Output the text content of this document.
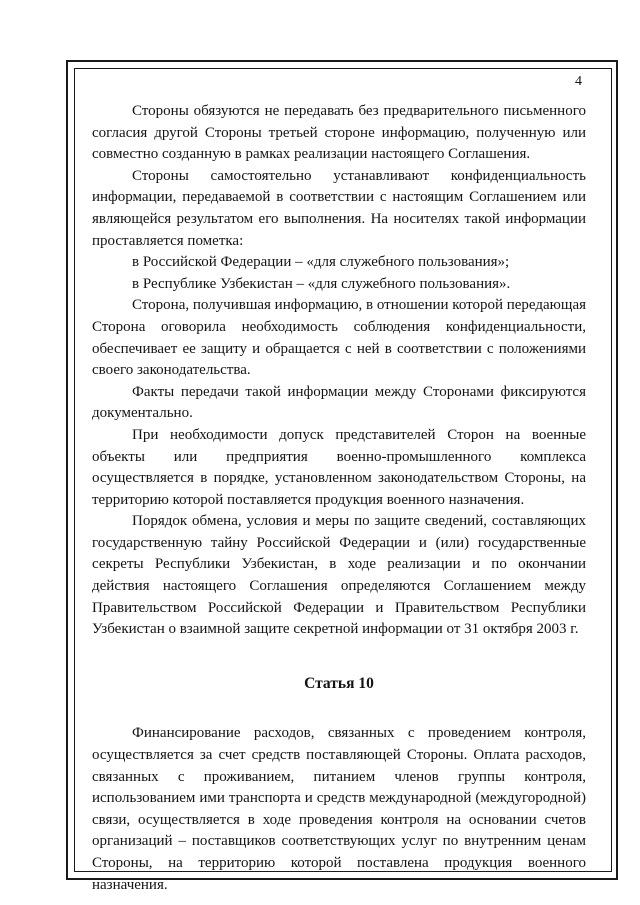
4

Стороны обязуются не передавать без предварительного письменного согласия другой Стороны третьей стороне информацию, полученную или совместно созданную в рамках реализации настоящего Соглашения.

Стороны самостоятельно устанавливают конфиденциальность информации, передаваемой в соответствии с настоящим Соглашением или являющейся результатом его выполнения. На носителях такой информации проставляется пометка:

в Российской Федерации – «для служебного пользования»;

в Республике Узбекистан – «для служебного пользования».

Сторона, получившая информацию, в отношении которой передающая Сторона оговорила необходимость соблюдения конфиденциальности, обеспечивает ее защиту и обращается с ней в соответствии с положениями своего законодательства.

Факты передачи такой информации между Сторонами фиксируются документально.

При необходимости допуск представителей Сторон на военные объекты или предприятия военно-промышленного комплекса осуществляется в порядке, установленном законодательством Стороны, на территорию которой поставляется продукция военного назначения.

Порядок обмена, условия и меры по защите сведений, составляющих государственную тайну Российской Федерации и (или) государственные секреты Республики Узбекистан, в ходе реализации и по окончании действия настоящего Соглашения определяются Соглашением между Правительством Российской Федерации и Правительством Республики Узбекистан о взаимной защите секретной информации от 31 октября 2003 г.

Статья 10

Финансирование расходов, связанных с проведением контроля, осуществляется за счет средств поставляющей Стороны. Оплата расходов, связанных с проживанием, питанием членов группы контроля, использованием ими транспорта и средств международной (междугородной) связи, осуществляется в ходе проведения контроля на основании счетов организаций – поставщиков соответствующих услуг по внутренним ценам Стороны, на территорию которой поставлена продукция военного назначения.
